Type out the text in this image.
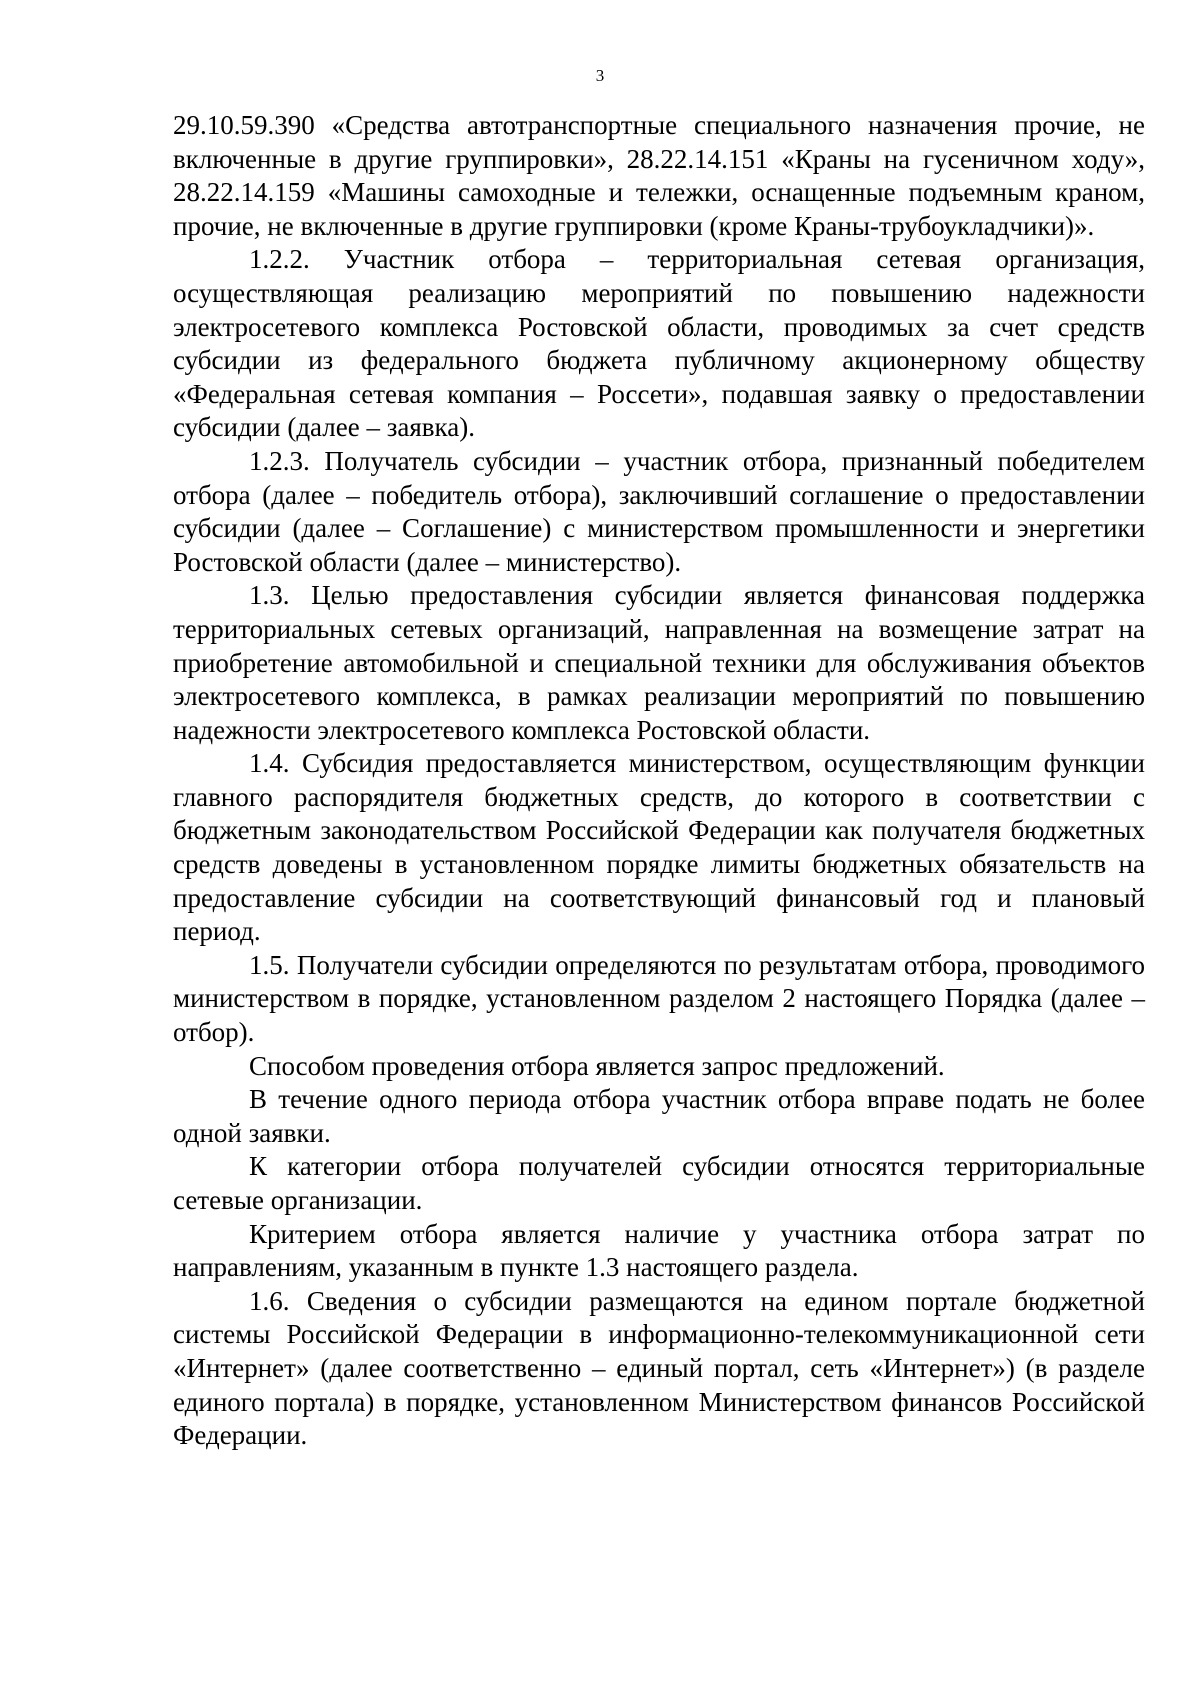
3

29.10.59.390 «Средства автотранспортные специального назначения прочие, не включенные в другие группировки», 28.22.14.151 «Краны на гусеничном ходу», 28.22.14.159 «Машины самоходные и тележки, оснащенные подъемным краном, прочие, не включенные в другие группировки (кроме Краны-трубоукладчики)».

1.2.2. Участник отбора – территориальная сетевая организация, осуществляющая реализацию мероприятий по повышению надежности электросетевого комплекса Ростовской области, проводимых за счет средств субсидии из федерального бюджета публичному акционерному обществу «Федеральная сетевая компания – Россети», подавшая заявку о предоставлении субсидии (далее – заявка).

1.2.3. Получатель субсидии – участник отбора, признанный победителем отбора (далее – победитель отбора), заключивший соглашение о предоставлении субсидии (далее – Соглашение) с министерством промышленности и энергетики Ростовской области (далее – министерство).

1.3. Целью предоставления субсидии является финансовая поддержка территориальных сетевых организаций, направленная на возмещение затрат на приобретение автомобильной и специальной техники для обслуживания объектов электросетевого комплекса, в рамках реализации мероприятий по повышению надежности электросетевого комплекса Ростовской области.

1.4. Субсидия предоставляется министерством, осуществляющим функции главного распорядителя бюджетных средств, до которого в соответствии с бюджетным законодательством Российской Федерации как получателя бюджетных средств доведены в установленном порядке лимиты бюджетных обязательств на предоставление субсидии на соответствующий финансовый год и плановый период.

1.5. Получатели субсидии определяются по результатам отбора, проводимого министерством в порядке, установленном разделом 2 настоящего Порядка (далее – отбор).

Способом проведения отбора является запрос предложений.

В течение одного периода отбора участник отбора вправе подать не более одной заявки.

К категории отбора получателей субсидии относятся территориальные сетевые организации.

Критерием отбора является наличие у участника отбора затрат по направлениям, указанным в пункте 1.3 настоящего раздела.

1.6. Сведения о субсидии размещаются на едином портале бюджетной системы Российской Федерации в информационно-телекоммуникационной сети «Интернет» (далее соответственно – единый портал, сеть «Интернет») (в разделе единого портала) в порядке, установленном Министерством финансов Российской Федерации.
